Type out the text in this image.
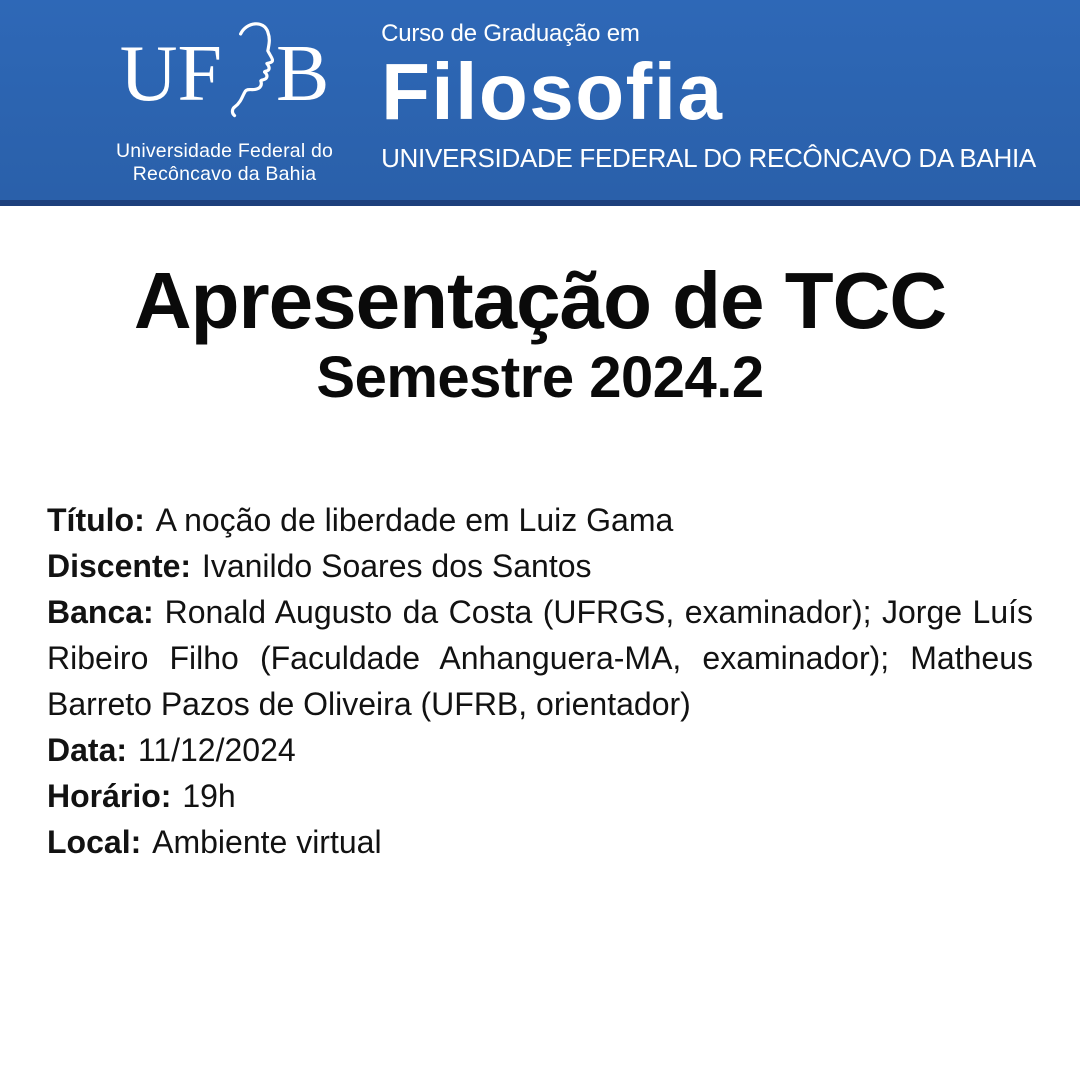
UF B
Universidade Federal do
Recôncavo da Bahia
Curso de Graduação em
Filosofia
UNIVERSIDADE FEDERAL DO RECÔNCAVO DA BAHIA
Apresentação de TCC
Semestre 2024.2

Título: A noção de liberdade em Luiz Gama

Discente: Ivanildo Soares dos Santos

Banca: Ronald Augusto da Costa (UFRGS, examinador); Jorge Luís Ribeiro Filho (Faculdade Anhanguera-MA, examinador); Matheus Barreto Pazos de Oliveira (UFRB, orientador)

Data: 11/12/2024

Horário: 19h

Local: Ambiente virtual
